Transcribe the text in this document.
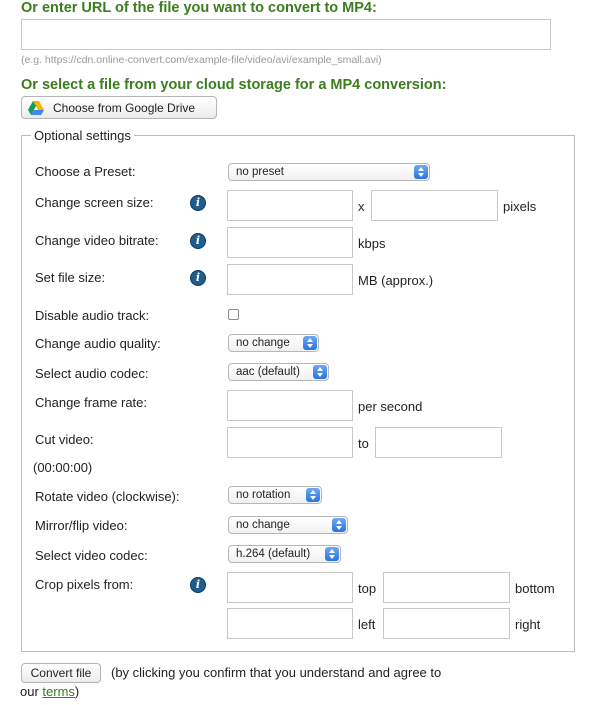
Or enter URL of the file you want to convert to MP4:
(e.g. https://cdn.online-convert.com/example-file/video/avi/example_small.avi)
Or select a file from your cloud storage for a MP4 conversion:
Choose from Google Drive
Optional settings
Choose a Preset:	no preset
Change screen size:	i	x	pixels
Change video bitrate:	i	kbps
Set file size:	i	MB (approx.)
Disable audio track:
Change audio quality:	no change
Select audio codec:	aac (default)
Change frame rate:	per second
Cut video:	to
(00:00:00)
Rotate video (clockwise):	no rotation
Mirror/flip video:	no change
Select video codec:	h.264 (default)
Crop pixels from:	i	top	bottom
left	right
Convert file (by clicking you confirm that you understand and agree to
our terms)
